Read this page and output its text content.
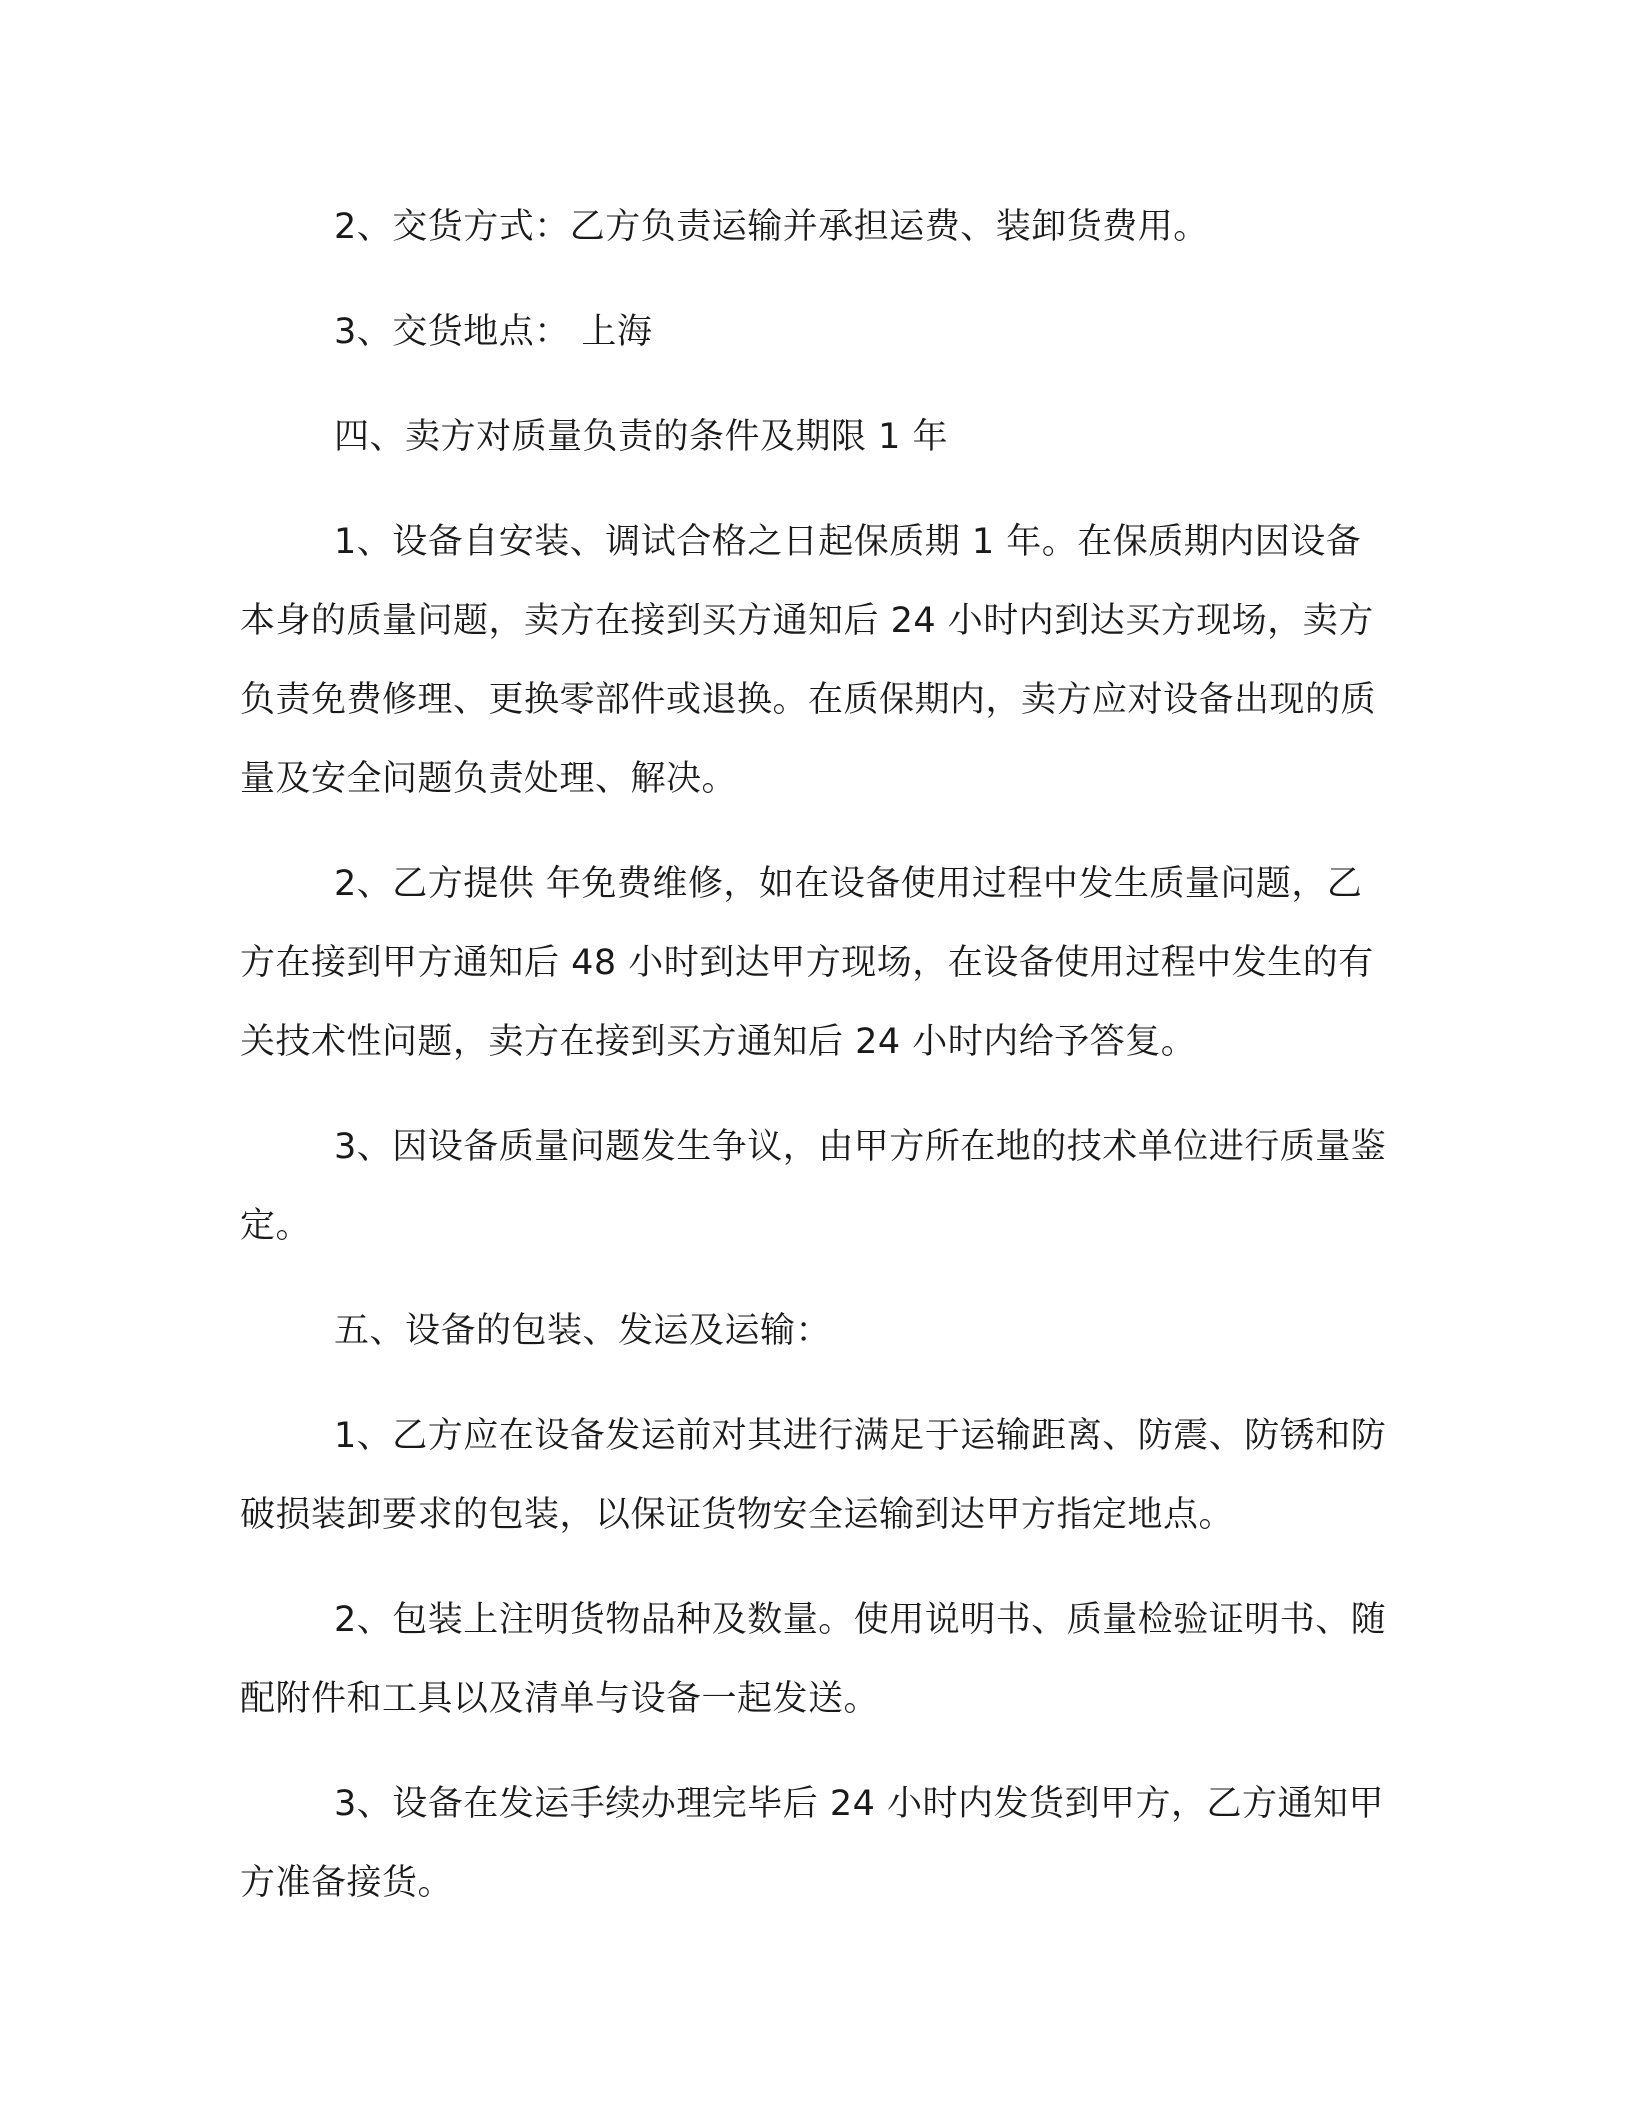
2、交货方式：乙方负责运输并承担运费、装卸货费用。

3、交货地点： 上海

四、卖方对质量负责的条件及期限 1 年

1、设备自安装、调试合格之日起保质期 1 年。在保质期内因设备本身的质量问题，卖方在接到买方通知后 24 小时内到达买方现场，卖方负责免费修理、更换零部件或退换。在质保期内，卖方应对设备出现的质量及安全问题负责处理、解决。

2、乙方提供 年免费维修，如在设备使用过程中发生质量问题，乙方在接到甲方通知后 48 小时到达甲方现场，在设备使用过程中发生的有关技术性问题，卖方在接到买方通知后 24 小时内给予答复。

3、因设备质量问题发生争议，由甲方所在地的技术单位进行质量鉴定。

五、设备的包装、发运及运输：

1、乙方应在设备发运前对其进行满足于运输距离、防震、防锈和防破损装卸要求的包装，以保证货物安全运输到达甲方指定地点。

2、包装上注明货物品种及数量。使用说明书、质量检验证明书、随配附件和工具以及清单与设备一起发送。

3、设备在发运手续办理完毕后 24 小时内发货到甲方，乙方通知甲方准备接货。
